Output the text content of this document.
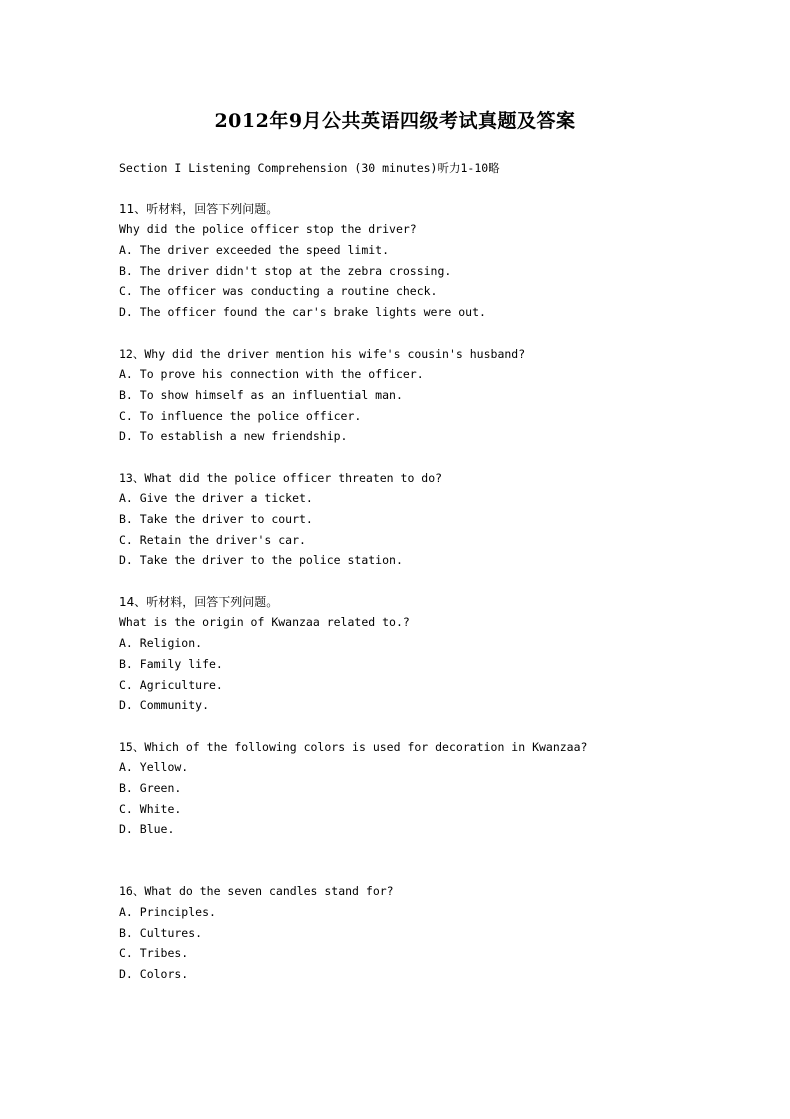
2012年9月公共英语四级考试真题及答案
Section I Listening Comprehension (30 minutes)听力1-10略
11、听材料，回答下列问题。
Why did the police officer stop the driver?
A. The driver exceeded the speed limit.
B. The driver didn't stop at the zebra crossing.
C. The officer was conducting a routine check.
D. The officer found the car's brake lights were out.
12、Why did the driver mention his wife's cousin's husband?
A. To prove his connection with the officer.
B. To show himself as an influential man.
C. To influence the police officer.
D. To establish a new friendship.
13、What did the police officer threaten to do?
A. Give the driver a ticket.
B. Take the driver to court.
C. Retain the driver's car.
D. Take the driver to the police station.
14、听材料，回答下列问题。
What is the origin of Kwanzaa related to.?
A. Religion.
B. Family life.
C. Agriculture.
D. Community.
15、Which of the following colors is used for decoration in Kwanzaa?
A. Yellow.
B. Green.
C. White.
D. Blue.
16、What do the seven candles stand for?
A. Principles.
B. Cultures.
C. Tribes.
D. Colors.
